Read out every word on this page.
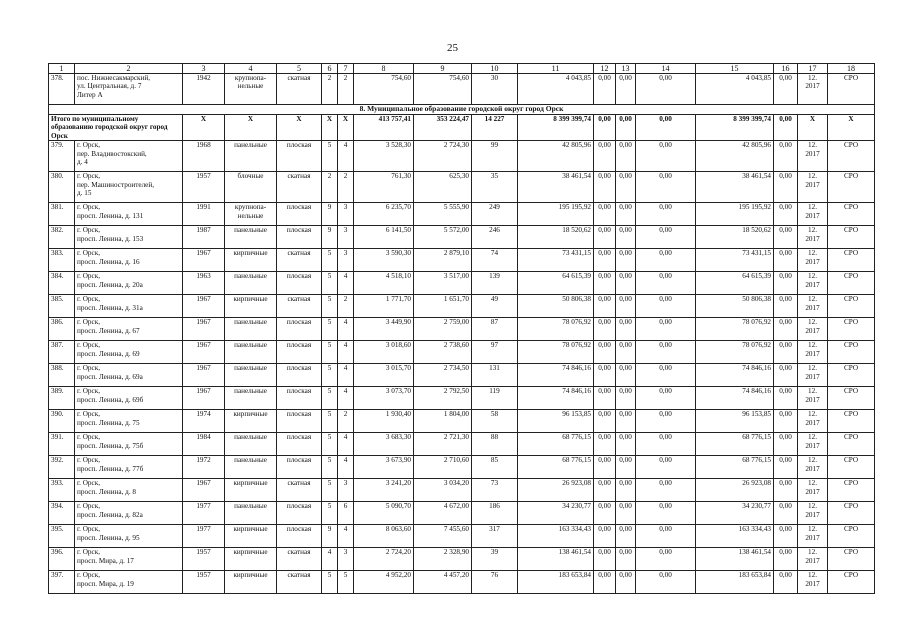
25
1	2	3	4	5	6	7	8	9	10	11	12	13	14	15	16	17	18
378.	пос. Нижнесакмарский,
ул. Центральная, д. 7
Литер А	1942	крупнопа-
нельные	скатная	2	2	754,60	754,60	30	4 043,85	0,00	0,00	0,00	4 043,85	0,00	12.
2017	СРО
8. Муниципальное образование городской округ город Орск																	
Итого по муниципальному образованию городской округ город Орск		X	X	X	X	X	413 757,41	353 224,47	14 227	8 399 399,74	0,00	0,00	0,00	8 399 399,74	0,00	X	X
379.	г. Орск,
пер. Владивостокский,
д. 4	1968	панельные	плоская	5	4	3 528,30	2 724,30	99	42 805,96	0,00	0,00	0,00	42 805,96	0,00	12.
2017	СРО
380.	г. Орск,
пер. Машиностроителей,
д. 15	1957	блочные	скатная	2	2	761,30	625,30	35	38 461,54	0,00	0,00	0,00	38 461,54	0,00	12.
2017	СРО
381.	г. Орск,
просп. Ленина, д. 131	1991	крупнопа-
нельные	плоская	9	3	6 235,70	5 555,90	249	195 195,92	0,00	0,00	0,00	195 195,92	0,00	12.
2017	СРО
382.	г. Орск,
просп. Ленина, д. 153	1987	панельные	плоская	9	3	6 141,50	5 572,00	246	18 520,62	0,00	0,00	0,00	18 520,62	0,00	12.
2017	СРО
383.	г. Орск,
просп. Ленина, д. 16	1967	кирпичные	скатная	5	3	3 590,30	2 879,10	74	73 431,15	0,00	0,00	0,00	73 431,15	0,00	12.
2017	СРО
384.	г. Орск,
просп. Ленина, д. 20а	1963	панельные	плоская	5	4	4 518,10	3 517,00	139	64 615,39	0,00	0,00	0,00	64 615,39	0,00	12.
2017	СРО
385.	г. Орск,
просп. Ленина, д. 31а	1967	кирпичные	скатная	5	2	1 771,70	1 651,70	49	50 806,38	0,00	0,00	0,00	50 806,38	0,00	12.
2017	СРО
386.	г. Орск,
просп. Ленина, д. 67	1967	панельные	плоская	5	4	3 449,90	2 759,00	87	78 076,92	0,00	0,00	0,00	78 076,92	0,00	12.
2017	СРО
387.	г. Орск,
просп. Ленина, д. 69	1967	панельные	плоская	5	4	3 018,60	2 738,60	97	78 076,92	0,00	0,00	0,00	78 076,92	0,00	12.
2017	СРО
388.	г. Орск,
просп. Ленина, д. 69а	1967	панельные	плоская	5	4	3 015,70	2 734,50	131	74 846,16	0,00	0,00	0,00	74 846,16	0,00	12.
2017	СРО
389.	г. Орск,
просп. Ленина, д. 69б	1967	панельные	плоская	5	4	3 073,70	2 792,50	119	74 846,16	0,00	0,00	0,00	74 846,16	0,00	12.
2017	СРО
390.	г. Орск,
просп. Ленина, д. 75	1974	кирпичные	плоская	5	2	1 930,40	1 804,00	58	96 153,85	0,00	0,00	0,00	96 153,85	0,00	12.
2017	СРО
391.	г. Орск,
просп. Ленина, д. 75б	1984	панельные	плоская	5	4	3 683,30	2 721,30	88	68 776,15	0,00	0,00	0,00	68 776,15	0,00	12.
2017	СРО
392.	г. Орск,
просп. Ленина, д. 77б	1972	панельные	плоская	5	4	3 673,90	2 710,60	85	68 776,15	0,00	0,00	0,00	68 776,15	0,00	12.
2017	СРО
393.	г. Орск,
просп. Ленина, д. 8	1967	кирпичные	скатная	5	3	3 241,20	3 034,20	73	26 923,08	0,00	0,00	0,00	26 923,08	0,00	12.
2017	СРО
394.	г. Орск,
просп. Ленина, д. 82а	1977	панельные	плоская	5	6	5 090,70	4 672,00	186	34 230,77	0,00	0,00	0,00	34 230,77	0,00	12.
2017	СРО
395.	г. Орск,
просп. Ленина, д. 95	1977	кирпичные	плоская	9	4	8 063,60	7 455,60	317	163 334,43	0,00	0,00	0,00	163 334,43	0,00	12.
2017	СРО
396.	г. Орск,
просп. Мира, д. 17	1957	кирпичные	скатная	4	3	2 724,20	2 328,90	39	138 461,54	0,00	0,00	0,00	138 461,54	0,00	12.
2017	СРО
397.	г. Орск,
просп. Мира, д. 19	1957	кирпичные	скатная	5	5	4 952,20	4 457,20	76	183 653,84	0,00	0,00	0,00	183 653,84	0,00	12.
2017	СРО
